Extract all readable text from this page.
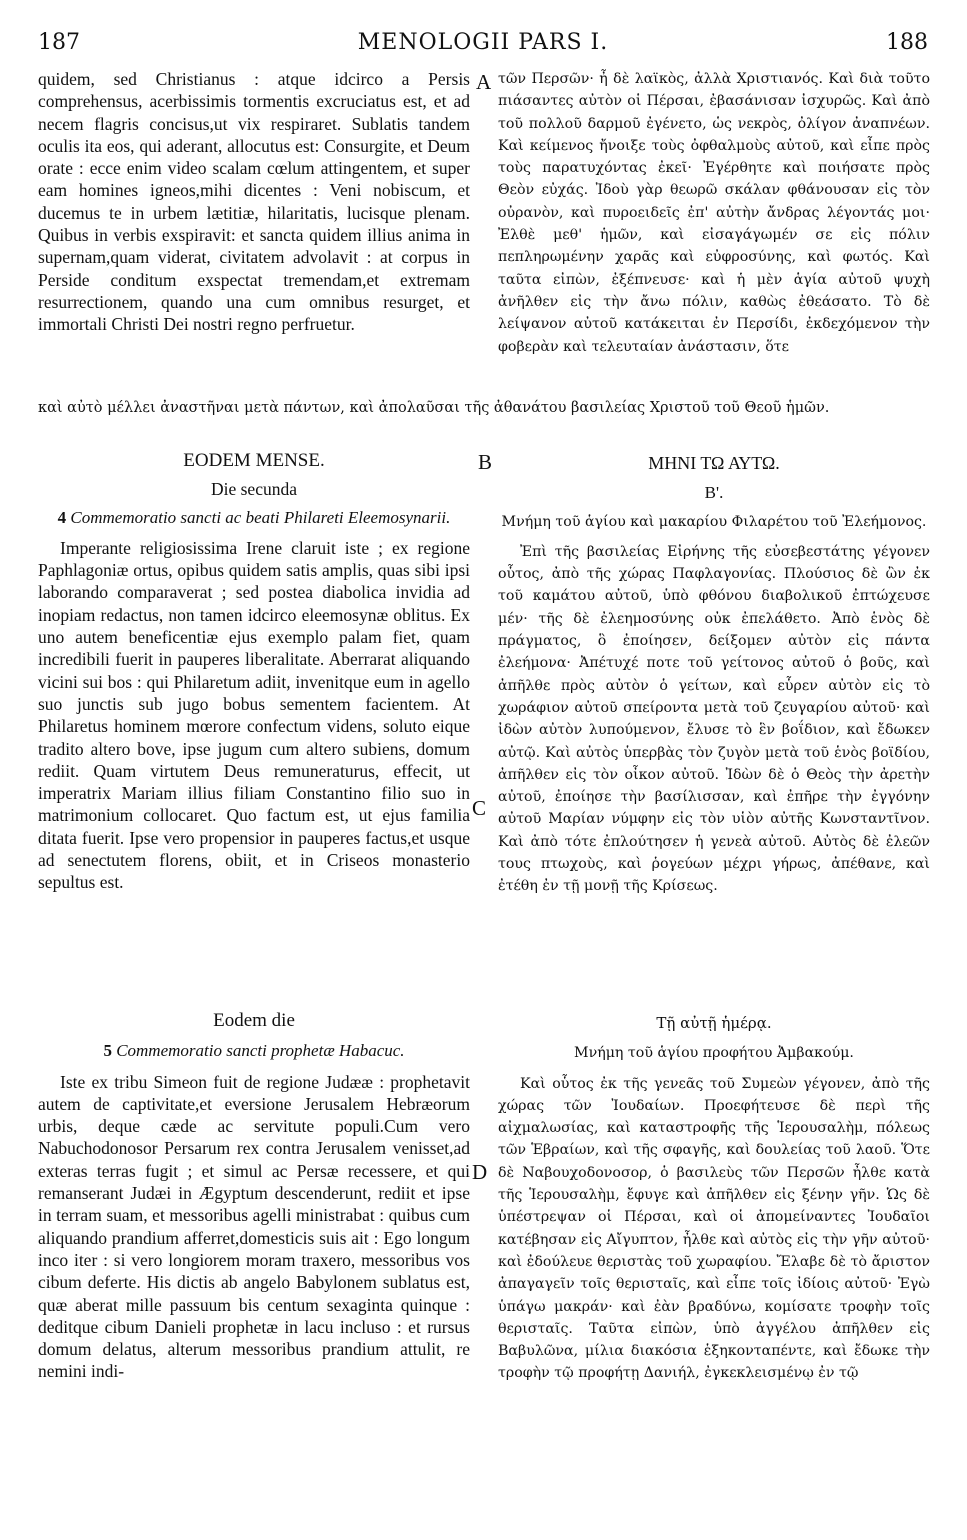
187	MENOLOGII PARS I.	188

quidem, sed Christianus : atque idcirco a Persis comprehensus, acerbissimis tormentis excruciatus est, et ad necem flagris concisus,ut vix respiraret. Sublatis tandem oculis ita eos, qui aderant, allocutus est: Consurgite, et Deum orate : ecce enim video scalam cœlum attingentem, et super eam homines igneos,mihi dicentes : Veni nobiscum, et ducemus te in urbem lætitiæ, hilaritatis, lucisque plenam. Quibus in verbis exspiravit: et sancta quidem illius anima in supernam,quam viderat, civitatem advolavit : at corpus in Perside conditum exspectat tremendam,et extremam resurrectionem, quando una cum omnibus resurget, et immortali Christi Dei nostri regno perfruetur.

A τῶν Περσῶν· ἦ δὲ λαϊκὸς, ἀλλὰ Χριστιανός. Καὶ διὰ τοῦτο πιάσαντες αὐτὸν οἱ Πέρσαι, ἐβασάνισαν ἰσχυρῶς. Καὶ ἀπὸ τοῦ πολλοῦ δαρμοῦ ἐγένετο, ὡς νεκρὸς, ὀλίγον ἀναπνέων. Καὶ κείμενος ἤνοιξε τοὺς ὀφθαλμοὺς αὐτοῦ, καὶ εἶπε πρὸς τοὺς παρατυχόντας ἐκεῖ· Ἐγέρθητε καὶ ποιήσατε πρὸς Θεὸν εὐχάς. Ἰδοὺ γὰρ θεωρῶ σκάλαν φθάνουσαν εἰς τὸν οὐρανὸν, καὶ πυροειδεῖς ἐπ' αὐτὴν ἄνδρας λέγοντάς μοι· Ἐλθὲ μεθ' ἡμῶν, καὶ εἰσαγάγωμέν σε εἰς πόλιν πεπληρωμένην χαρᾶς καὶ εὐφροσύνης, καὶ φωτός. Καὶ ταῦτα εἰπὼν, ἐξέπνευσε· καὶ ἡ μὲν ἁγία αὐτοῦ ψυχὴ ἀνῆλθεν εἰς τὴν ἄνω πόλιν, καθὼς ἐθεάσατο. Τὸ δὲ λείψανον αὐτοῦ κατάκειται ἐν Περσίδι, ἐκδεχόμενον τὴν φοβερὰν καὶ τελευταίαν ἀνάστασιν, ὅτε

καὶ αὐτὸ μέλλει ἀναστῆναι μετὰ πάντων, καὶ ἀπολαῦσαι τῆς ἀθανάτου βασιλείας Χριστοῦ τοῦ Θεοῦ ἡμῶν.
EODEM MENSE.
Die secunda
4 Commemoratio sancti ac beati Philareti Eleemosynarii.

Imperante religiosissima Irene claruit iste ; ex regione Paphlagoniæ ortus, opibus quidem satis amplis, quas sibi ipsi laborando comparaverat ; sed postea diabolica invidia ad inopiam redactus, non tamen idcirco eleemosynæ oblitus. Ex uno autem beneficentiæ ejus exemplo palam fiet, quam incredibili fuerit in pauperes liberalitate. Aberrarat aliquando vicini sui bos : qui Philaretum adiit, invenitque eum in agello suo junctis sub jugo bobus sementem facientem. At Philaretus hominem mœrore confectum videns, soluto eique tradito altero bove, ipse jugum cum altero subiens, domum rediit. Quam virtutem Deus remuneraturus, effecit, ut imperatrix Mariam illius filiam Constantino filio suo in matrimonium collocaret. Quo factum est, ut ejus familia ditata fuerit. Ipse vero propensior in pauperes factus,et usque ad senectutem florens, obiit, et in Criseos monasterio sepultus est.

B
C
ΜΗΝΙ ΤΩ ΑΥΤΩ.
Β'.
Μνήμη τοῦ ἁγίου καὶ μακαρίου Φιλαρέτου τοῦ Ἐλεήμονος.

Ἐπὶ τῆς βασιλείας Εἰρήνης τῆς εὐσεβεστάτης γέγονεν οὗτος, ἀπὸ τῆς χώρας Παφλαγονίας. Πλούσιος δὲ ὢν ἐκ τοῦ καμάτου αὐτοῦ, ὑπὸ φθόνου διαβολικοῦ ἐπτώχευσε μέν· τῆς δὲ ἐλεημοσύνης οὐκ ἐπελάθετο. Ἀπὸ ἑνὸς δὲ πράγματος, ὃ ἐποίησεν, δείξομεν αὐτὸν εἰς πάντα ἐλεήμονα· Ἀπέτυχέ ποτε τοῦ γείτονος αὐτοῦ ὁ βοῦς, καὶ ἀπῆλθε πρὸς αὐτὸν ὁ γείτων, καὶ εὗρεν αὐτὸν εἰς τὸ χωράφιον αὐτοῦ σπείροντα μετὰ τοῦ ζευγαρίου αὐτοῦ· καὶ ἰδὼν αὐτὸν λυπούμενον, ἔλυσε τὸ ἓν βοΐδιον, καὶ ἔδωκεν αὐτῷ. Καὶ αὐτὸς ὑπερβὰς τὸν ζυγὸν μετὰ τοῦ ἑνὸς βοϊδίου, ἀπῆλθεν εἰς τὸν οἶκον αὐτοῦ. Ἰδὼν δὲ ὁ Θεὸς τὴν ἀρετὴν αὐτοῦ, ἐποίησε τὴν βασίλισσαν, καὶ ἐπῆρε τὴν ἐγγόνην αὐτοῦ Μαρίαν νύμφην εἰς τὸν υἱὸν αὐτῆς Κωνσταντῖνον. Καὶ ἀπὸ τότε ἐπλούτησεν ἡ γενεὰ αὐτοῦ. Αὐτὸς δὲ ἐλεῶν τους πτωχοὺς, καὶ ῥογεύων μέχρι γήρως, ἀπέθανε, καὶ ἐτέθη ἐν τῇ μονῇ τῆς Κρίσεως.

Eodem die
5 Commemoratio sancti prophetæ Habacuc.

Iste ex tribu Simeon fuit de regione Judææ : prophetavit autem de captivitate,et eversione Jerusalem Hebræorum urbis, deque cæde ac servitute populi.Cum vero Nabuchodonosor Persarum rex contra Jerusalem venisset,ad exteras terras fugit ; et simul ac Persæ recessere, et qui remanserant Judæi in Ægyptum descenderunt, rediit et ipse in terram suam, et messoribus agelli ministrabat : quibus cum aliquando prandium afferret,domesticis suis ait : Ego longum inco iter : si vero longiorem moram traxero, messoribus vos cibum deferte. His dictis ab angelo Babylonem sublatus est, quæ aberat mille passuum bis centum sexaginta quinque : deditque cibum Danieli prophetæ in lacu incluso : et rursus domum delatus, alterum messoribus prandium attulit, re nemini indi-

D
Τῇ αὐτῇ ἡμέρᾳ.
Μνήμη τοῦ ἁγίου προφήτου Ἀμβακούμ.

Καὶ οὗτος ἐκ τῆς γενεᾶς τοῦ Συμεὼν γέγονεν, ἀπὸ τῆς χώρας τῶν Ἰουδαίων. Προεφήτευσε δὲ περὶ τῆς αἰχμαλωσίας, καὶ καταστροφῆς τῆς Ἱερουσαλὴμ, πόλεως τῶν Ἑβραίων, καὶ τῆς σφαγῆς, καὶ δουλείας τοῦ λαοῦ. Ὅτε δὲ Ναβουχοδονοσορ, ὁ βασιλεὺς τῶν Περσῶν ἦλθε κατὰ τῆς Ἱερουσαλὴμ, ἔφυγε καὶ ἀπῆλθεν εἰς ξένην γῆν. Ὡς δὲ ὑπέστρεψαν οἱ Πέρσαι, καὶ οἱ ἀπομείναντες Ἰουδαῖοι κατέβησαν εἰς Αἴγυπτον, ἦλθε καὶ αὐτὸς εἰς τὴν γῆν αὐτοῦ· καὶ ἐδούλευε θεριστὰς τοῦ χωραφίου. Ἔλαβε δὲ τὸ ἄριστον ἀπαγαγεῖν τοῖς θερισταῖς, καὶ εἶπε τοῖς ἰδίοις αὐτοῦ· Ἐγὼ ὑπάγω μακράν· καὶ ἐὰν βραδύνω, κομίσατε τροφὴν τοῖς θερισταῖς. Ταῦτα εἰπὼν, ὑπὸ ἀγγέλου ἀπῆλθεν εἰς Βαβυλῶνα, μίλια διακόσια ἑξηκονταπέντε, καὶ ἔδωκε τὴν τροφὴν τῷ προφήτῃ Δανιήλ, ἐγκεκλεισμένῳ ἐν τῷ
